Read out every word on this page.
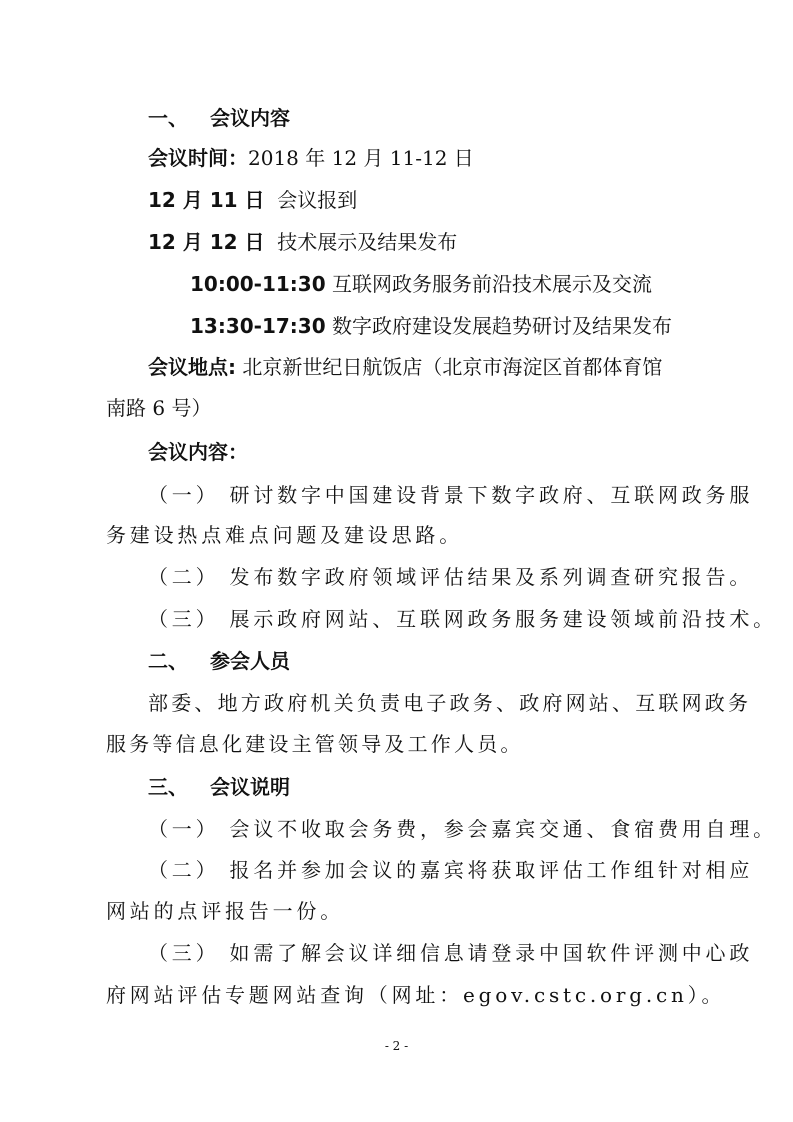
一、 会议内容
会议时间：2018 年 12 月 11-12 日
12 月 11 日 会议报到
12 月 12 日 技术展示及结果发布
10:00-11:30 互联网政务服务前沿技术展示及交流
13:30-17:30 数字政府建设发展趋势研讨及结果发布
会议地点: 北京新世纪日航饭店（北京市海淀区首都体育馆
南路 6 号）
会议内容：
（一） 研讨数字中国建设背景下数字政府、互联网政务服
务建设热点难点问题及建设思路。
（二） 发布数字政府领域评估结果及系列调查研究报告。
（三） 展示政府网站、互联网政务服务建设领域前沿技术。
二、 参会人员
部委、地方政府机关负责电子政务、政府网站、互联网政务
服务等信息化建设主管领导及工作人员。
三、 会议说明
（一） 会议不收取会务费，参会嘉宾交通、食宿费用自理。
（二） 报名并参加会议的嘉宾将获取评估工作组针对相应
网站的点评报告一份。
（三） 如需了解会议详细信息请登录中国软件评测中心政
府网站评估专题网站查询（网址：egov.cstc.org.cn）。
- 2 -
